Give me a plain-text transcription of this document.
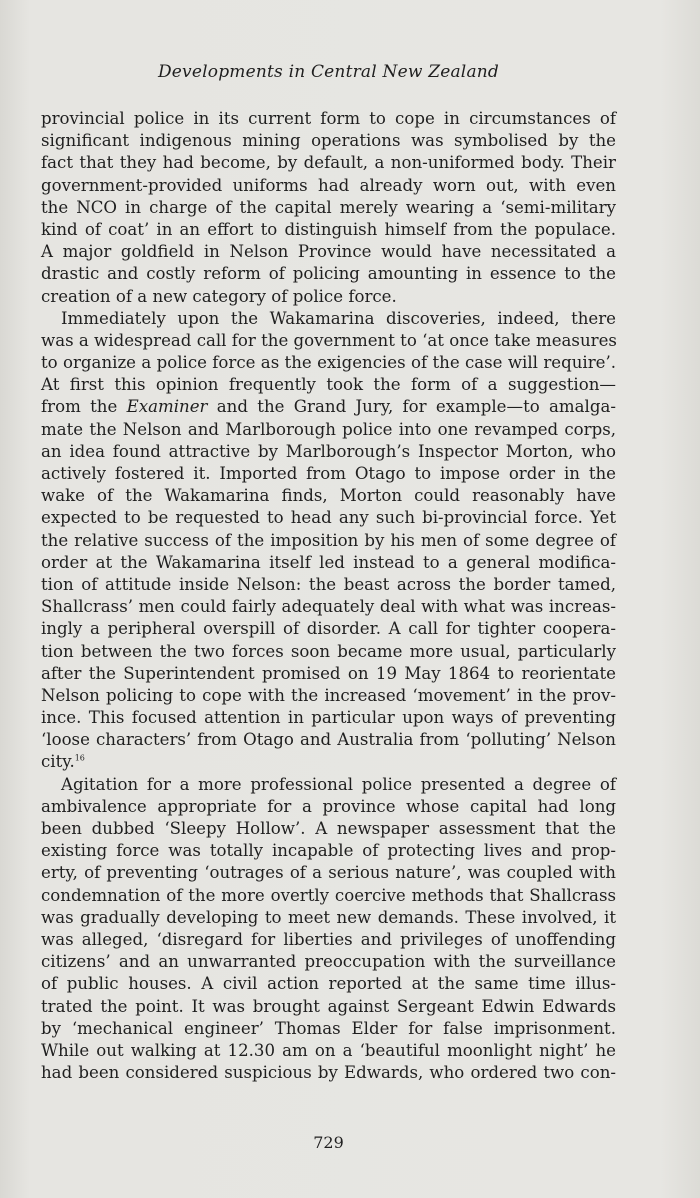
Developments in Central New Zealand
provincial police in its current form to cope in circumstances of
significant indigenous mining operations was symbolised by the
fact that they had become, by default, a non-uniformed body. Their
government-provided uniforms had already worn out, with even
the NCO in charge of the capital merely wearing a ‘semi-military
kind of coat’ in an effort to distinguish himself from the populace.
A major goldfield in Nelson Province would have necessitated a
drastic and costly reform of policing amounting in essence to the
creation of a new category of police force.
Immediately upon the Wakamarina discoveries, indeed, there
was a widespread call for the government to ‘at once take measures
to organize a police force as the exigencies of the case will require’.
At first this opinion frequently took the form of a suggestion—
from the Examiner and the Grand Jury, for example—to amalga-
mate the Nelson and Marlborough police into one revamped corps,
an idea found attractive by Marlborough’s Inspector Morton, who
actively fostered it. Imported from Otago to impose order in the
wake of the Wakamarina finds, Morton could reasonably have
expected to be requested to head any such bi-provincial force. Yet
the relative success of the imposition by his men of some degree of
order at the Wakamarina itself led instead to a general modifica-
tion of attitude inside Nelson: the beast across the border tamed,
Shallcrass’ men could fairly adequately deal with what was increas-
ingly a peripheral overspill of disorder. A call for tighter coopera-
tion between the two forces soon became more usual, particularly
after the Superintendent promised on 19 May 1864 to reorientate
Nelson policing to cope with the increased ‘movement’ in the prov-
ince. This focused attention in particular upon ways of preventing
‘loose characters’ from Otago and Australia from ‘polluting’ Nelson
city.$^{16}$
Agitation for a more professional police presented a degree of
ambivalence appropriate for a province whose capital had long
been dubbed ‘Sleepy Hollow’. A newspaper assessment that the
existing force was totally incapable of protecting lives and prop-
erty, of preventing ‘outrages of a serious nature’, was coupled with
condemnation of the more overtly coercive methods that Shallcrass
was gradually developing to meet new demands. These involved, it
was alleged, ‘disregard for liberties and privileges of unoffending
citizens’ and an unwarranted preoccupation with the surveillance
of public houses. A civil action reported at the same time illus-
trated the point. It was brought against Sergeant Edwin Edwards
by ‘mechanical engineer’ Thomas Elder for false imprisonment.
While out walking at 12.30 am on a ‘beautiful moonlight night’ he
had been considered suspicious by Edwards, who ordered two con-
729
